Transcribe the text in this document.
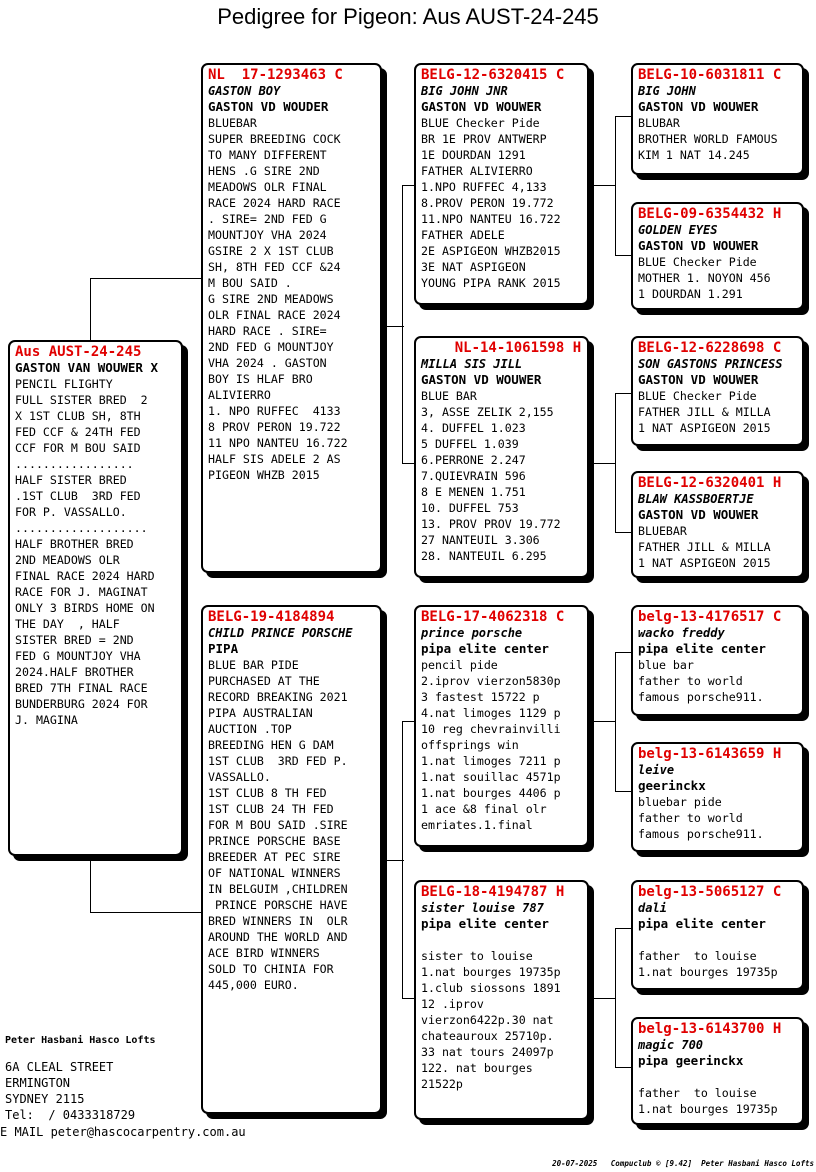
Pedigree for Pigeon: Aus AUST-24-245
Aus AUST-24-245
GASTON VAN WOUWER X
PENCIL FLIGHTY
FULL SISTER BRED  2
X 1ST CLUB SH, 8TH
FED CCF & 24TH FED
CCF FOR M BOU SAID
.................
HALF SISTER BRED
.1ST CLUB  3RD FED
FOR P. VASSALLO.
...................
HALF BROTHER BRED
2ND MEADOWS OLR
FINAL RACE 2024 HARD
RACE FOR J. MAGINAT
ONLY 3 BIRDS HOME ON
THE DAY  , HALF
SISTER BRED = 2ND
FED G MOUNTJOY VHA
2024.HALF BROTHER
BRED 7TH FINAL RACE
BUNDERBURG 2024 FOR
J. MAGINA
NL  17-1293463 C
GASTON BOY
GASTON VD WOUDER
BLUEBAR
SUPER BREEDING COCK
TO MANY DIFFERENT
HENS .G SIRE 2ND
MEADOWS OLR FINAL
RACE 2024 HARD RACE
. SIRE= 2ND FED G
MOUNTJOY VHA 2024
GSIRE 2 X 1ST CLUB
SH, 8TH FED CCF &24
M BOU SAID .
G SIRE 2ND MEADOWS
OLR FINAL RACE 2024
HARD RACE . SIRE=
2ND FED G MOUNTJOY
VHA 2024 . GASTON
BOY IS HLAF BRO
ALIVIERRO
1. NPO RUFFEC  4133
8 PROV PERON 19.722
11 NPO NANTEU 16.722
HALF SIS ADELE 2 AS
PIGEON WHZB 2015
BELG-19-4184894
CHILD PRINCE PORSCHE
PIPA
BLUE BAR PIDE
PURCHASED AT THE
RECORD BREAKING 2021
PIPA AUSTRALIAN
AUCTION .TOP
BREEDING HEN G DAM
1ST CLUB  3RD FED P.
VASSALLO.
1ST CLUB 8 TH FED
1ST CLUB 24 TH FED
FOR M BOU SAID .SIRE
PRINCE PORSCHE BASE
BREEDER AT PEC SIRE
OF NATIONAL WINNERS
IN BELGUIM ,CHILDREN
PRINCE PORSCHE HAVE
BRED WINNERS IN  OLR
AROUND THE WORLD AND
ACE BIRD WINNERS
SOLD TO CHINIA FOR
445,000 EURO.
BELG-12-6320415 C
BIG JOHN JNR
GASTON VD WOUWER
BLUE Checker Pide
BR 1E PROV ANTWERP
1E DOURDAN 1291
FATHER ALIVIERRO
1.NPO RUFFEC 4,133
8.PROV PERON 19.772
11.NPO NANTEU 16.722
FATHER ADELE
2E ASPIGEON WHZB2015
3E NAT ASPIGEON
YOUNG PIPA RANK 2015
NL-14-1061598 H
MILLA SIS JILL
GASTON VD WOUWER
BLUE BAR
3, ASSE ZELIK 2,155
4. DUFFEL 1.023
5 DUFFEL 1.039
6.PERRONE 2.247
7.QUIEVRAIN 596
8 E MENEN 1.751
10. DUFFEL 753
13. PROV PROV 19.772
27 NANTEUIL 3.306
28. NANTEUIL 6.295
BELG-17-4062318 C
prince porsche
pipa elite center
pencil pide
2.iprov vierzon5830p
3 fastest 15722 p
4.nat limoges 1129 p
10 reg chevrainvilli
offsprings win
1.nat limoges 7211 p
1.nat souillac 4571p
1.nat bourges 4406 p
1 ace &8 final olr
emriates.1.final
BELG-18-4194787 H
sister louise 787
pipa elite center

sister to louise
1.nat bourges 19735p
1.club siossons 1891
12 .iprov
vierzon6422p.30 nat
chateauroux 25710p.
33 nat tours 24097p
122. nat bourges
21522p
BELG-10-6031811 C
BIG JOHN
GASTON VD WOUWER
BLUBAR
BROTHER WORLD FAMOUS
KIM 1 NAT 14.245
BELG-09-6354432 H
GOLDEN EYES
GASTON VD WOUWER
BLUE Checker Pide
MOTHER 1. NOYON 456
1 DOURDAN 1.291
BELG-12-6228698 C
SON GASTONS PRINCESS
GASTON VD WOUWER
BLUE Checker Pide
FATHER JILL & MILLA
1 NAT ASPIGEON 2015
BELG-12-6320401 H
BLAW KASSBOERTJE
GASTON VD WOUWER
BLUEBAR
FATHER JILL & MILLA
1 NAT ASPIGEON 2015
belg-13-4176517 C
wacko freddy
pipa elite center
blue bar
father to world
famous porsche911.
belg-13-6143659 H
leive
geerinckx
bluebar pide
father to world
famous porsche911.
belg-13-5065127 C
dali
pipa elite center

father  to louise
1.nat bourges 19735p
belg-13-6143700 H
magic 700
pipa geerinckx

father  to louise
1.nat bourges 19735p
Peter Hasbani Hasco Lofts
6A CLEAL STREET
ERMINGTON
SYDNEY 2115
Tel:  / 0433318729
E MAIL peter@hascocarpentry.com.au
20-07-2025   Compuclub © [9.42]  Peter Hasbani Hasco Lofts
